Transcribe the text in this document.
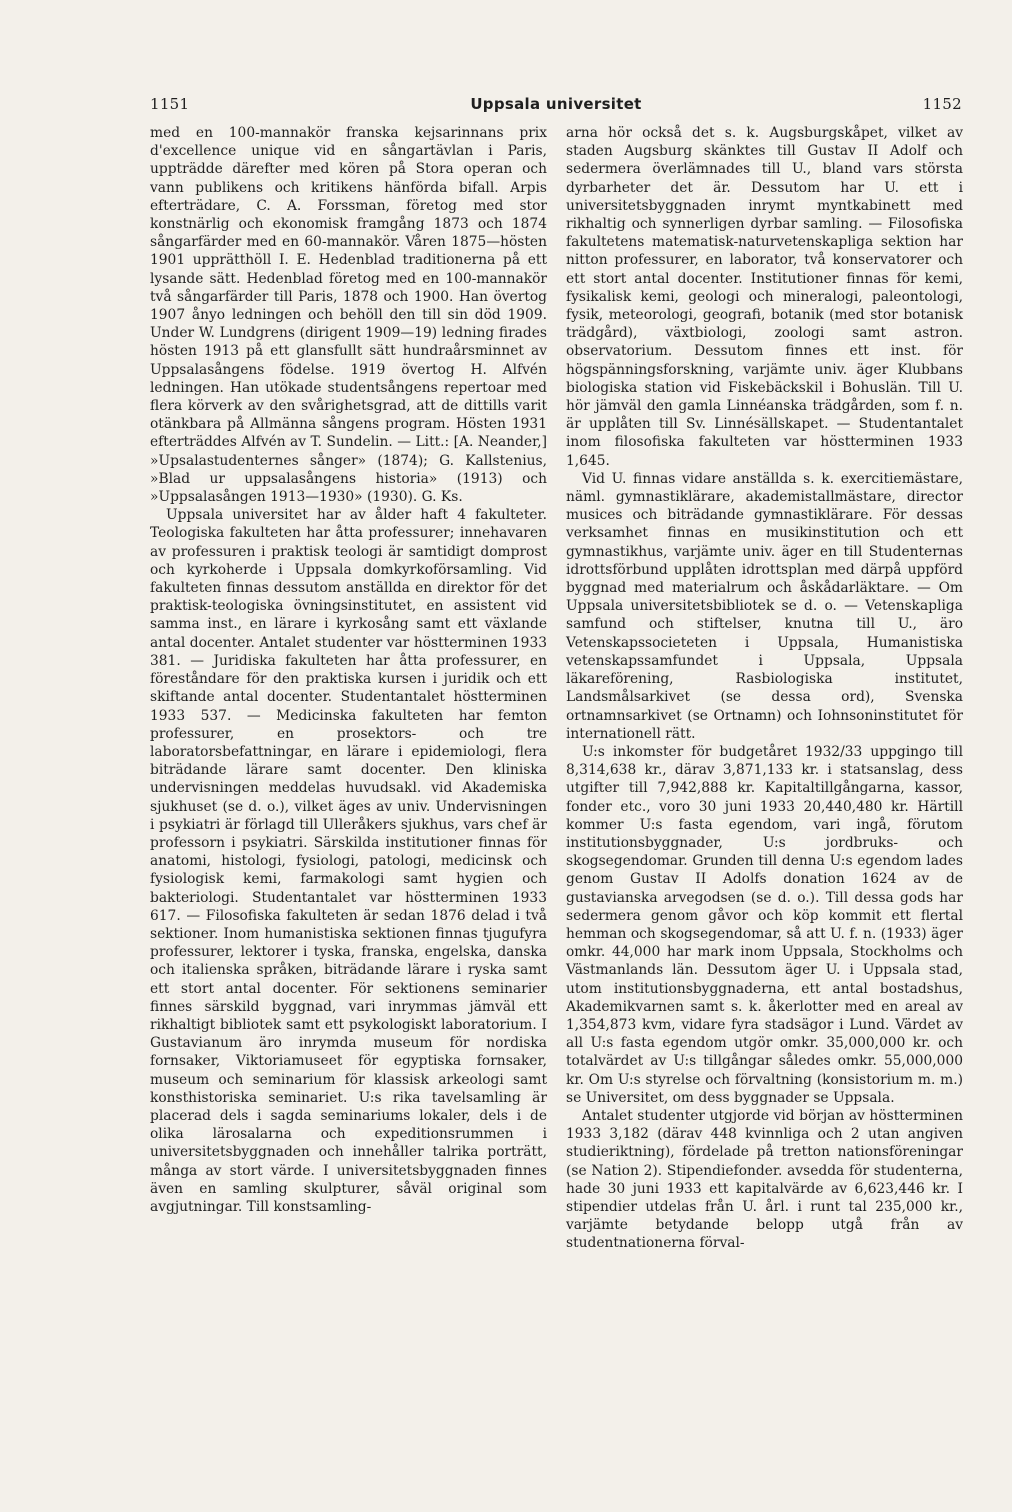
1151	Uppsala universitet	1152

med en 100-mannakör franska kejsarinnans prix d'excellence unique vid en sångartävlan i Paris, uppträdde därefter med kören på Stora operan och vann publikens och kritikens hänförda bifall. Arpis efterträdare, C. A. Forssman, företog med stor konstnärlig och ekonomisk framgång 1873 och 1874 sångarfärder med en 60-mannakör. Våren 1875—hösten 1901 upprätthöll I. E. Hedenblad traditionerna på ett lysande sätt. Hedenblad företog med en 100-mannakör två sångarfärder till Paris, 1878 och 1900. Han övertog 1907 ånyo ledningen och behöll den till sin död 1909. Under W. Lundgrens (dirigent 1909—19) ledning firades hösten 1913 på ett glansfullt sätt hundraårsminnet av Uppsalasångens födelse. 1919 övertog H. Alfvén ledningen. Han utökade studentsångens repertoar med flera körverk av den svårighetsgrad, att de dittills varit otänkbara på Allmänna sångens program. Hösten 1931 efterträddes Alfvén av T. Sundelin. — Litt.: [A. Neander,] »Upsalastudenternes sånger» (1874); G. Kallstenius, »Blad ur uppsalasångens historia» (1913) och »Uppsalasången 1913—1930» (1930). G. Ks.

Uppsala universitet har av ålder haft 4 fakulteter. Teologiska fakulteten har åtta professurer; innehavaren av professuren i praktisk teologi är samtidigt domprost och kyrkoherde i Uppsala domkyrkoförsamling. Vid fakulteten finnas dessutom anställda en direktor för det praktisk-teologiska övningsinstitutet, en assistent vid samma inst., en lärare i kyrkosång samt ett växlande antal docenter. Antalet studenter var höstterminen 1933 381. — Juridiska fakulteten har åtta professurer, en föreståndare för den praktiska kursen i juridik och ett skiftande antal docenter. Studentantalet höstterminen 1933 537. — Medicinska fakulteten har femton professurer, en prosektors- och tre laboratorsbefattningar, en lärare i epidemiologi, flera biträdande lärare samt docenter. Den kliniska undervisningen meddelas huvudsakl. vid Akademiska sjukhuset (se d. o.), vilket äges av univ. Undervisningen i psykiatri är förlagd till Ulleråkers sjukhus, vars chef är professorn i psykiatri. Särskilda institutioner finnas för anatomi, histologi, fysiologi, patologi, medicinsk och fysiologisk kemi, farmakologi samt hygien och bakteriologi. Studentantalet var höstterminen 1933 617. — Filosofiska fakulteten är sedan 1876 delad i två sektioner. Inom humanistiska sektionen finnas tjugufyra professurer, lektorer i tyska, franska, engelska, danska och italienska språken, biträdande lärare i ryska samt ett stort antal docenter. För sektionens seminarier finnes särskild byggnad, vari inrymmas jämväl ett rikhaltigt bibliotek samt ett psykologiskt laboratorium. I Gustavianum äro inrymda museum för nordiska fornsaker, Viktoriamuseet för egyptiska fornsaker, museum och seminarium för klassisk arkeologi samt konsthistoriska seminariet. U:s rika tavelsamling är placerad dels i sagda seminariums lokaler, dels i de olika lärosalarna och expeditionsrummen i universitetsbyggnaden och innehåller talrika porträtt, många av stort värde. I universitetsbyggnaden finnes även en samling skulpturer, såväl original som avgjutningar. Till konstsamling-

arna hör också det s. k. Augsburgskåpet, vilket av staden Augsburg skänktes till Gustav II Adolf och sedermera överlämnades till U., bland vars största dyrbarheter det är. Dessutom har U. ett i universitetsbyggnaden inrymt myntkabinett med rikhaltig och synnerligen dyrbar samling. — Filosofiska fakultetens matematisk-naturvetenskapliga sektion har nitton professurer, en laborator, två konservatorer och ett stort antal docenter. Institutioner finnas för kemi, fysikalisk kemi, geologi och mineralogi, paleontologi, fysik, meteorologi, geografi, botanik (med stor botanisk trädgård), växtbiologi, zoologi samt astron. observatorium. Dessutom finnes ett inst. för högspänningsforskning, varjämte univ. äger Klubbans biologiska station vid Fiskebäckskil i Bohuslän. Till U. hör jämväl den gamla Linnéanska trädgården, som f. n. är upplåten till Sv. Linnésällskapet. — Studentantalet inom filosofiska fakulteten var höstterminen 1933 1,645.

Vid U. finnas vidare anställda s. k. exercitiemästare, näml. gymnastiklärare, akademistallmästare, director musices och biträdande gymnastiklärare. För dessas verksamhet finnas en musikinstitution och ett gymnastikhus, varjämte univ. äger en till Studenternas idrottsförbund upplåten idrottsplan med därpå uppförd byggnad med materialrum och åskådarläktare. — Om Uppsala universitetsbibliotek se d. o. — Vetenskapliga samfund och stiftelser, knutna till U., äro Vetenskapssocieteten i Uppsala, Humanistiska vetenskapssamfundet i Uppsala, Uppsala läkareförening, Rasbiologiska institutet, Landsmålsarkivet (se dessa ord), Svenska ortnamnsarkivet (se Ortnamn) och Iohnsoninstitutet för internationell rätt.

U:s inkomster för budgetåret 1932/33 uppgingo till 8,314,638 kr., därav 3,871,133 kr. i statsanslag, dess utgifter till 7,942,888 kr. Kapitaltillgångarna, kassor, fonder etc., voro 30 juni 1933 20,440,480 kr. Härtill kommer U:s fasta egendom, vari ingå, förutom institutionsbyggnader, U:s jordbruks- och skogsegendomar. Grunden till denna U:s egendom lades genom Gustav II Adolfs donation 1624 av de gustavianska arvegodsen (se d. o.). Till dessa gods har sedermera genom gåvor och köp kommit ett flertal hemman och skogsegendomar, så att U. f. n. (1933) äger omkr. 44,000 har mark inom Uppsala, Stockholms och Västmanlands län. Dessutom äger U. i Uppsala stad, utom institutionsbyggnaderna, ett antal bostadshus, Akademikvarnen samt s. k. åkerlotter med en areal av 1,354,873 kvm, vidare fyra stadsägor i Lund. Värdet av all U:s fasta egendom utgör omkr. 35,000,000 kr. och totalvärdet av U:s tillgångar således omkr. 55,000,000 kr. Om U:s styrelse och förvaltning (konsistorium m. m.) se Universitet, om dess byggnader se Uppsala.

Antalet studenter utgjorde vid början av höstterminen 1933 3,182 (därav 448 kvinnliga och 2 utan angiven studieriktning), fördelade på tretton nationsföreningar (se Nation 2). Stipendiefonder. avsedda för studenterna, hade 30 juni 1933 ett kapitalvärde av 6,623,446 kr. I stipendier utdelas från U. årl. i runt tal 235,000 kr., varjämte betydande belopp utgå från av studentnationerna förval-
